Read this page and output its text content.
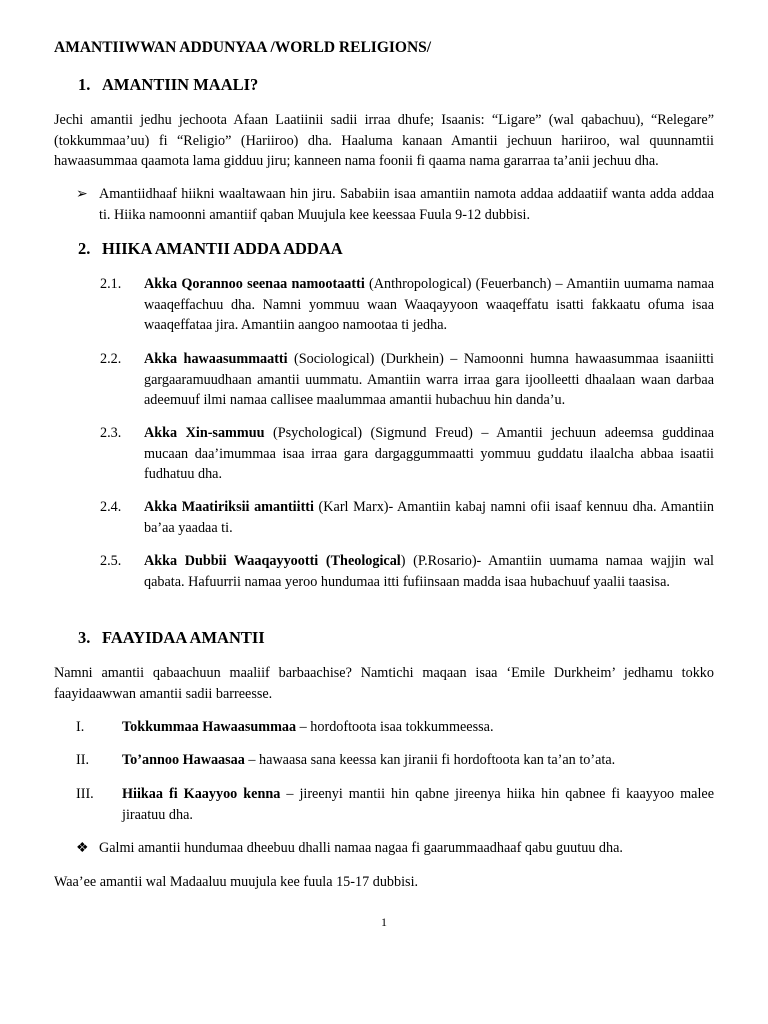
AMANTIIWWAN ADDUNYAA /WORLD RELIGIONS/
1. AMANTIIN MAALI?
Jechi amantii jedhu jechoota Afaan Laatiinii sadii irraa dhufe; Isaanis: “Ligare” (wal qabachuu), “Relegare” (tokkummaa’uu) fi “Religio” (Hariiroo) dha. Haaluma kanaan Amantii jechuun hariiroo, wal quunnamtii hawaasummaa qaamota lama gidduu jiru; kanneen nama foonii fi qaama nama gararraa ta’anii jechuu dha.
➢ Amantiidhaaf hiikni waaltawaan hin jiru. Sababiin isaa amantiin namota addaa addaatiif wanta adda addaa ti. Hiika namoonni amantiif qaban Muujula kee keessaa Fuula 9-12 dubbisi.
2. HIIKA AMANTII ADDA ADDAA
2.1. Akka Qorannoo seenaa namootaatti (Anthropological) (Feuerbanch) – Amantiin uumama namaa waaqeffachuu dha. Namni yommuu waan Waaqayyoon waaqeffatu isatti fakkaatu ofuma isaa waaqeffataa jira. Amantiin aangoo namootaa ti jedha.
2.2. Akka hawaasummaatti (Sociological) (Durkhein) – Namoonni humna hawaasummaa isaaniitti gargaaramuudhaan amantii uummatu. Amantiin warra irraa gara ijoolleetti dhaalaan waan darbaa adeemuuf ilmi namaa callisee maalummaa amantii hubachuu hin danda’u.
2.3. Akka Xin-sammuu (Psychological) (Sigmund Freud) – Amantii jechuun adeemsa guddinaa mucaan daa’imummaa isaa irraa gara dargaggummaatti yommuu guddatu ilaalcha abbaa isaatii fudhatuu dha.
2.4. Akka Maatiriksii amantiitti (Karl Marx)- Amantiin kabaj namni ofii isaaf kennuu dha. Amantiin ba’aa yaadaa ti.
2.5. Akka Dubbii Waaqayyootti (Theological) (P.Rosario)- Amantiin uumama namaa wajjin wal qabata. Hafuurrii namaa yeroo hundumaa itti fufiinsaan madda isaa hubachuuf yaalii taasisa.
3. FAAYIDAA AMANTII
Namni amantii qabaachuun maaliif barbaachise? Namtichi maqaan isaa ‘Emile Durkheim’ jedhamu tokko faayidaawwan amantii sadii barreesse.
I.	Tokkummaa Hawaasummaa – hordoftoota isaa tokkummeessa.
II. To’annoo Hawaasaa – hawaasa sana keessa kan jiranii fi hordoftoota kan ta’an to’ata.
III. Hiikaa fi Kaayyoo kenna – jireenyi mantii hin qabne jireenya hiika hin qabnee fi kaayyoo malee jiraatuu dha.
❖ Galmi amantii hundumaa dheebuu dhalli namaa nagaa fi gaarummaadhaaf qabu guutuu dha.
Waa’ee amantii wal Madaaluu muujula kee fuula 15-17 dubbisi.
1
